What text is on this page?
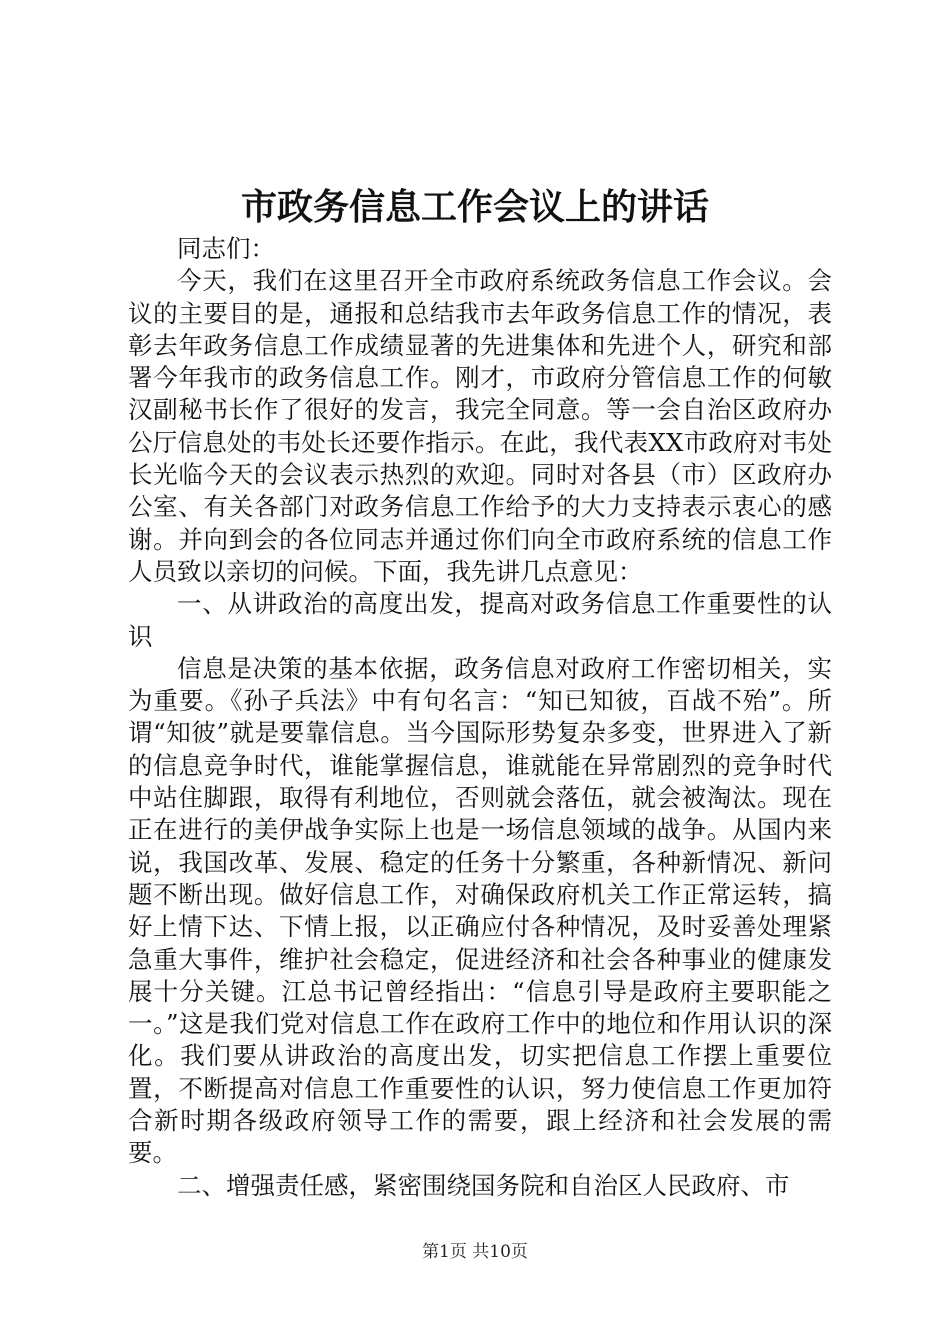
市政务信息工作会议上的讲话

同志们：

今天，我们在这里召开全市政府系统政务信息工作会议。会议的主要目的是，通报和总结我市去年政务信息工作的情况，表彰去年政务信息工作成绩显著的先进集体和先进个人，研究和部署今年我市的政务信息工作。刚才，市政府分管信息工作的何敏汉副秘书长作了很好的发言，我完全同意。等一会自治区政府办公厅信息处的韦处长还要作指示。在此，我代表XX市政府对韦处长光临今天的会议表示热烈的欢迎。同时对各县（市）区政府办公室、有关各部门对政务信息工作给予的大力支持表示衷心的感谢。并向到会的各位同志并通过你们向全市政府系统的信息工作人员致以亲切的问候。下面，我先讲几点意见：

一、从讲政治的高度出发，提高对政务信息工作重要性的认识

信息是决策的基本依据，政务信息对政府工作密切相关，实为重要。《孙子兵法》中有句名言：“知已知彼，百战不殆”。所谓“知彼”就是要靠信息。当今国际形势复杂多变，世界进入了新的信息竞争时代，谁能掌握信息，谁就能在异常剧烈的竞争时代中站住脚跟，取得有利地位，否则就会落伍，就会被淘汰。现在正在进行的美伊战争实际上也是一场信息领域的战争。从国内来说，我国改革、发展、稳定的任务十分繁重，各种新情况、新问题不断出现。做好信息工作，对确保政府机关工作正常运转，搞好上情下达、下情上报，以正确应付各种情况，及时妥善处理紧急重大事件，维护社会稳定，促进经济和社会各种事业的健康发展十分关键。江总书记曾经指出：“信息引导是政府主要职能之一。”这是我们党对信息工作在政府工作中的地位和作用认识的深化。我们要从讲政治的高度出发，切实把信息工作摆上重要位置，不断提高对信息工作重要性的认识，努力使信息工作更加符合新时期各级政府领导工作的需要，跟上经济和社会发展的需要。

二、增强责任感，紧密围绕国务院和自治区人民政府、市

第1页 共10页
